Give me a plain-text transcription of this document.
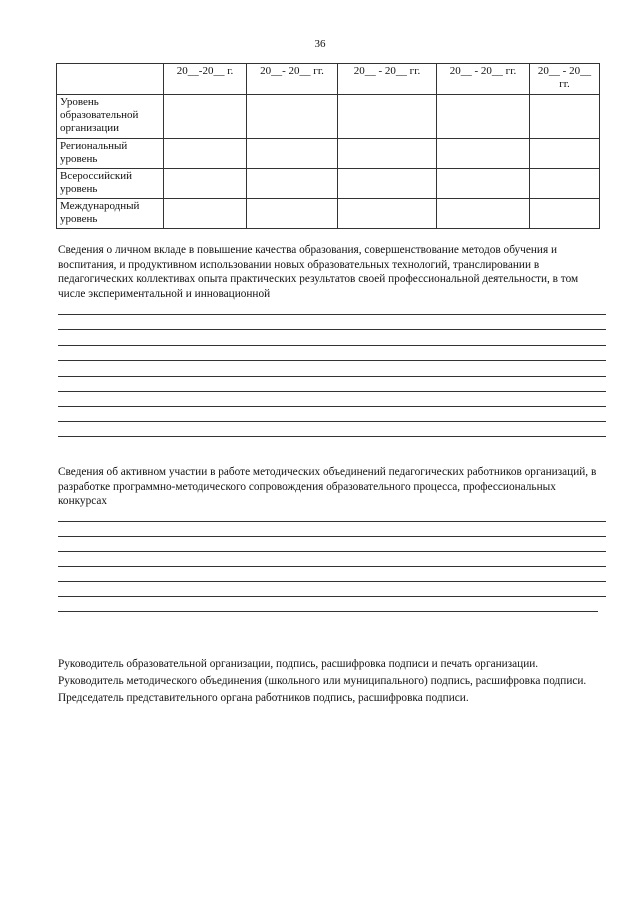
36
	20__-20__ г.	20__- 20__ гг.	20__ - 20__ гг.	20__ - 20__ гг.	20__ - 20__ гг.
Уровень образовательной организации					
Региональный уровень					
Всероссийский уровень					
Международный уровень					
Сведения о личном вкладе в повышение качества образования, совершенствование методов обучения и воспитания, и продуктивном использовании новых образовательных технологий, транслировании в педагогических коллективах опыта практических результатов своей профессиональной деятельности, в том числе экспериментальной и инновационной
Сведения об активном участии в работе методических объединений педагогических работников организаций, в разработке программно-методического сопровождения образовательного процесса, профессиональных конкурсах
Руководитель образовательной организации, подпись, расшифровка подписи и печать организации.
Руководитель методического объединения (школьного или муниципального) подпись, расшифровка подписи.
Председатель представительного органа работников подпись, расшифровка подписи.
